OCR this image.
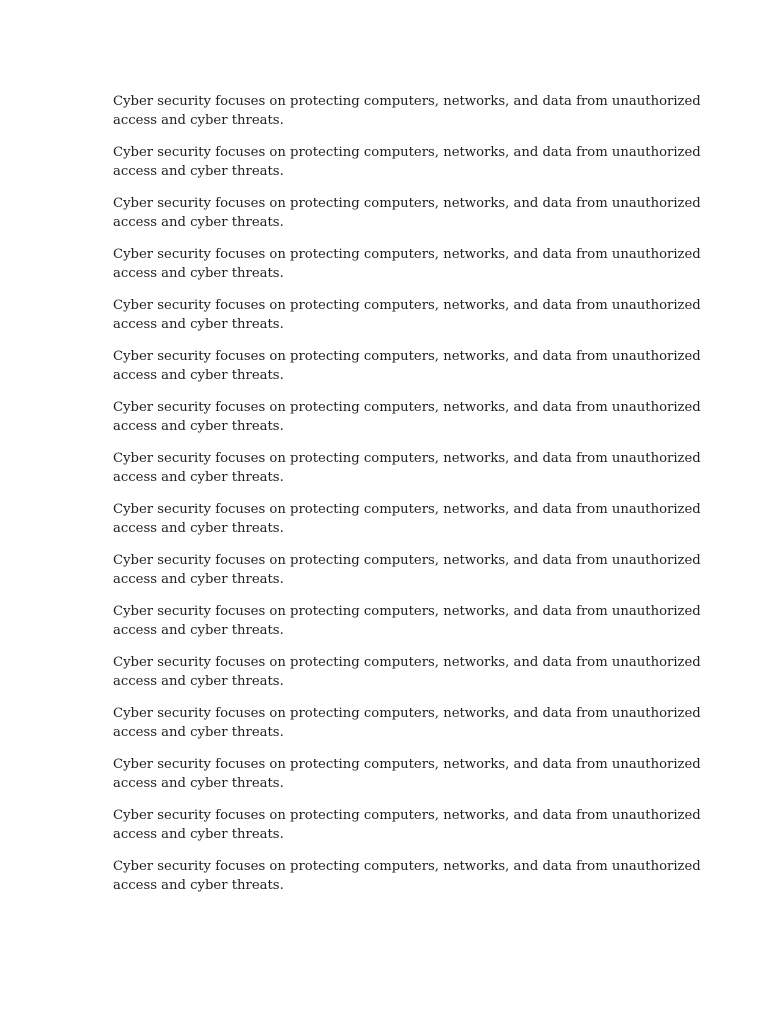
Cyber security focuses on protecting computers, networks, and data from unauthorized
access and cyber threats.

Cyber security focuses on protecting computers, networks, and data from unauthorized
access and cyber threats.

Cyber security focuses on protecting computers, networks, and data from unauthorized
access and cyber threats.

Cyber security focuses on protecting computers, networks, and data from unauthorized
access and cyber threats.

Cyber security focuses on protecting computers, networks, and data from unauthorized
access and cyber threats.

Cyber security focuses on protecting computers, networks, and data from unauthorized
access and cyber threats.

Cyber security focuses on protecting computers, networks, and data from unauthorized
access and cyber threats.

Cyber security focuses on protecting computers, networks, and data from unauthorized
access and cyber threats.

Cyber security focuses on protecting computers, networks, and data from unauthorized
access and cyber threats.

Cyber security focuses on protecting computers, networks, and data from unauthorized
access and cyber threats.

Cyber security focuses on protecting computers, networks, and data from unauthorized
access and cyber threats.

Cyber security focuses on protecting computers, networks, and data from unauthorized
access and cyber threats.

Cyber security focuses on protecting computers, networks, and data from unauthorized
access and cyber threats.

Cyber security focuses on protecting computers, networks, and data from unauthorized
access and cyber threats.

Cyber security focuses on protecting computers, networks, and data from unauthorized
access and cyber threats.

Cyber security focuses on protecting computers, networks, and data from unauthorized
access and cyber threats.
